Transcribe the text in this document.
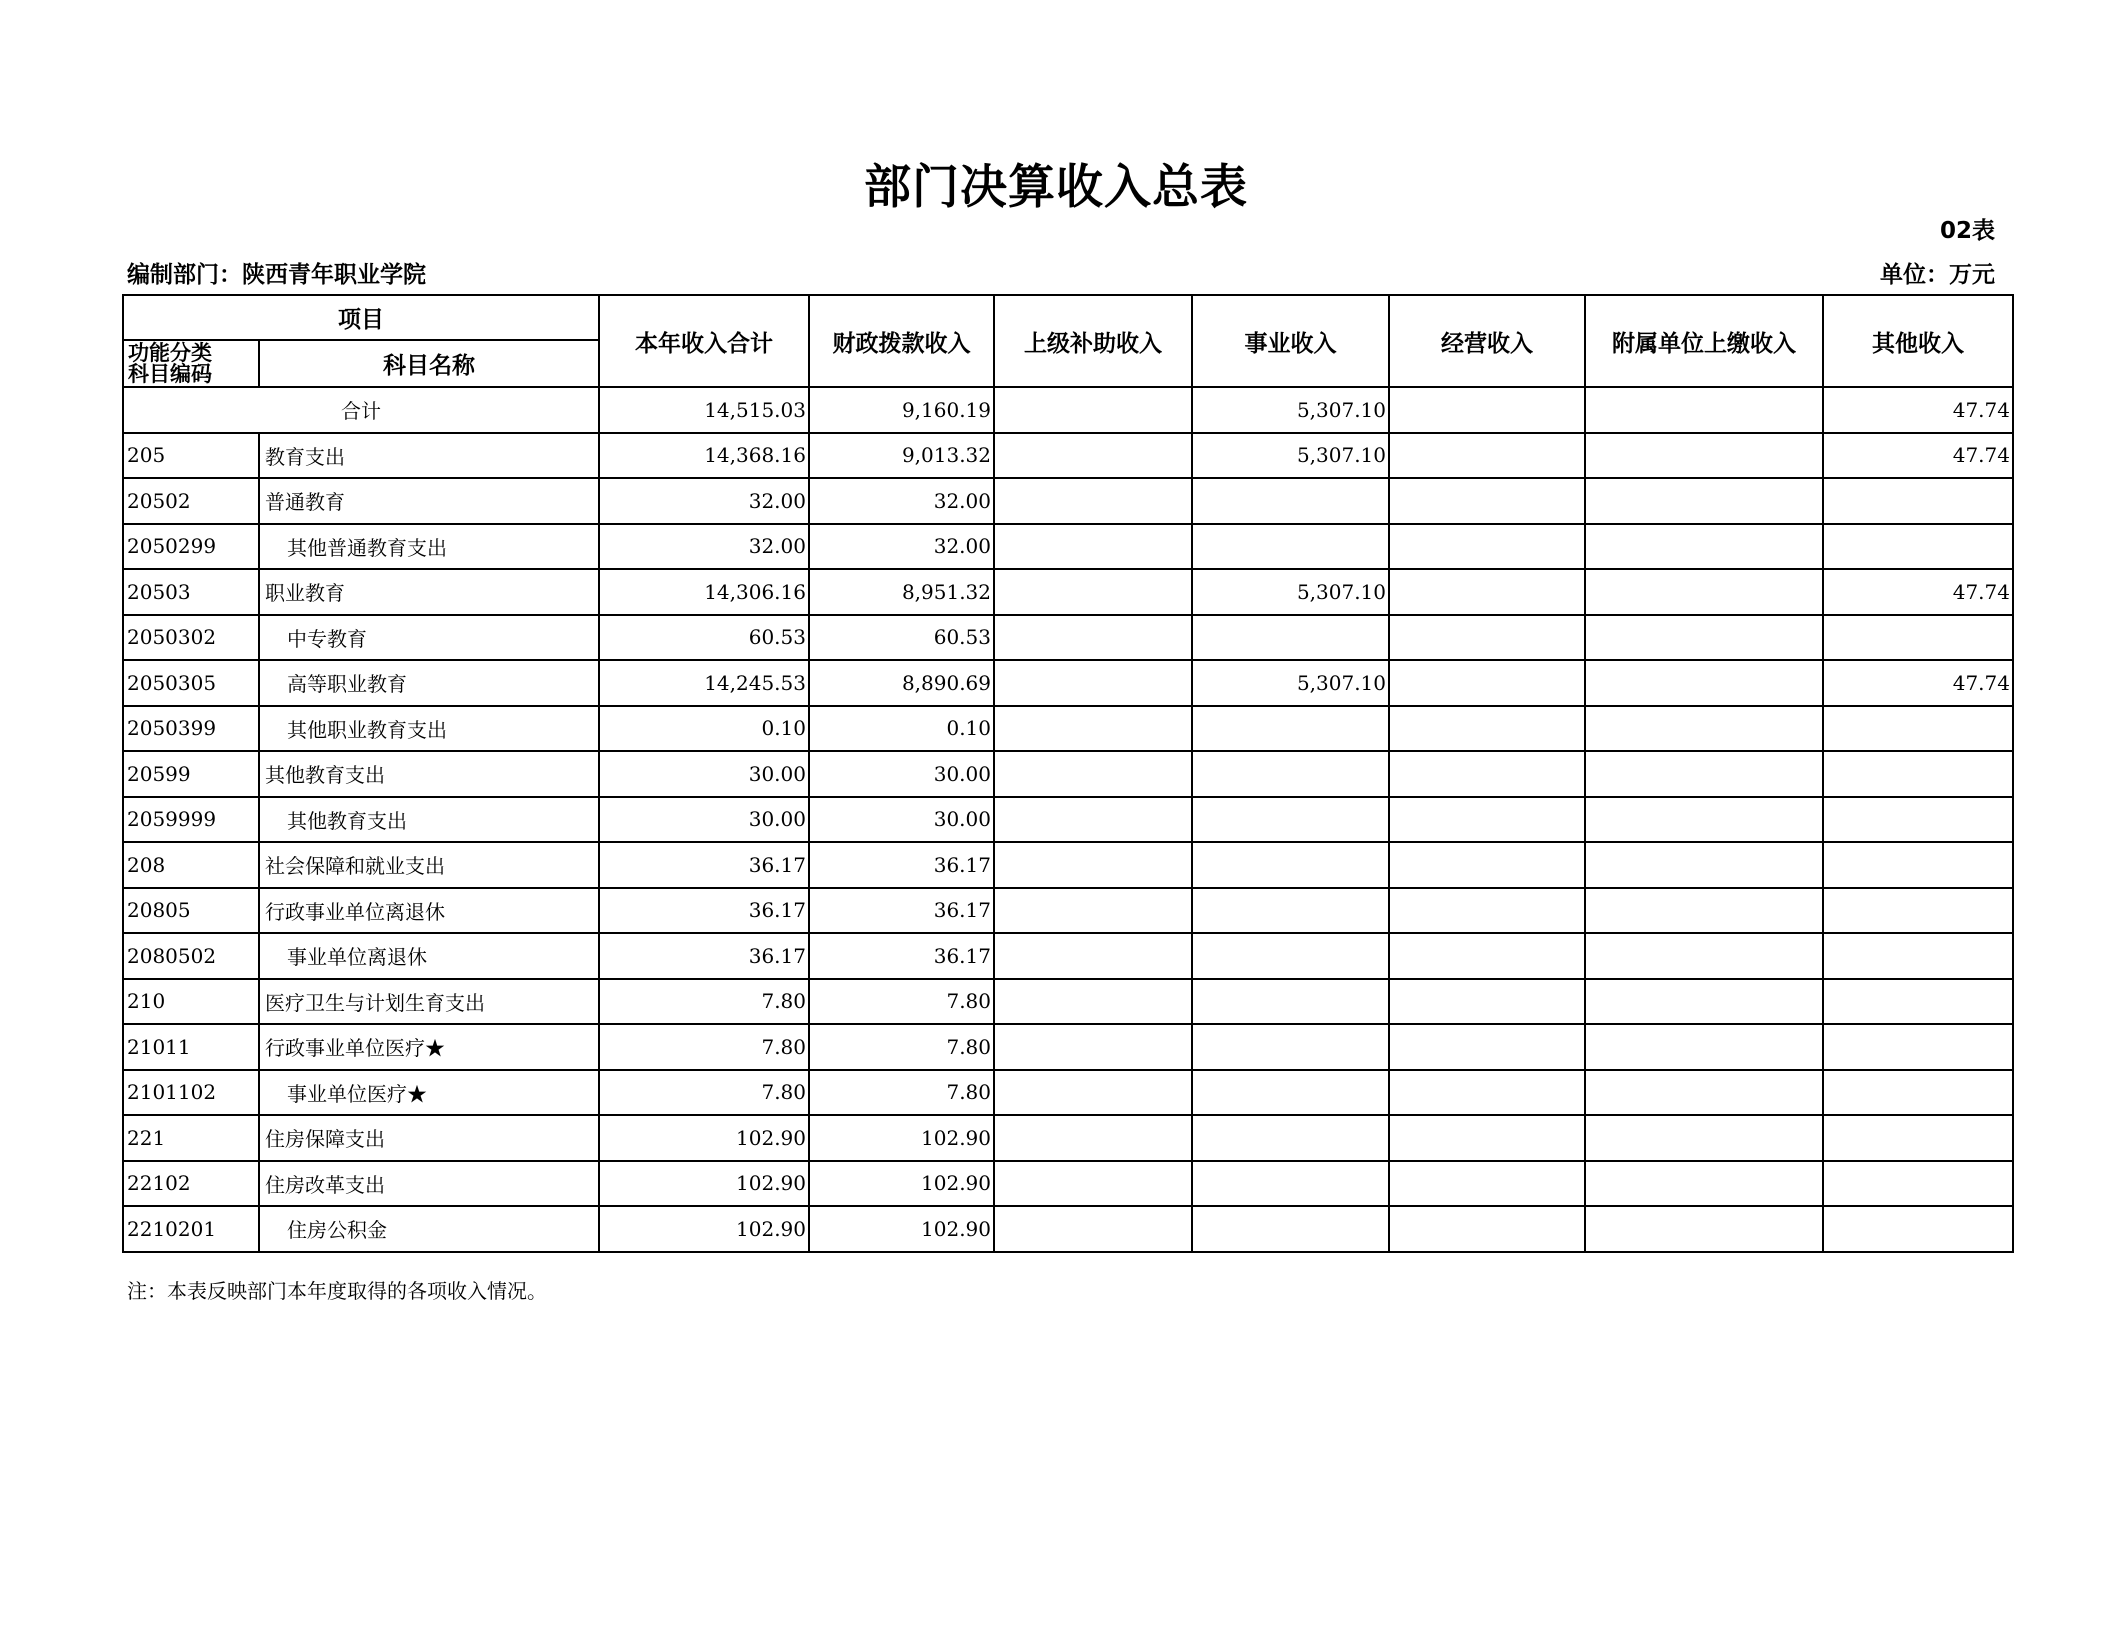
部门决算收入总表
02表
编制部门：陕西青年职业学院	单位：万元
项目		本年收入合计	财政拨款收入	上级补助收入	事业收入	经营收入	附属单位上缴收入	其他收入

功能分类
科目编码	科目名称							
合计		14,515.03	9,160.19		5,307.10			47.74
205	教育支出	14,368.16	9,013.32		5,307.10			47.74
20502	普通教育	32.00	32.00					
2050299	其他普通教育支出	32.00	32.00					
20503	职业教育	14,306.16	8,951.32		5,307.10			47.74
2050302	中专教育	60.53	60.53					
2050305	高等职业教育	14,245.53	8,890.69		5,307.10			47.74
2050399	其他职业教育支出	0.10	0.10					
20599	其他教育支出	30.00	30.00					
2059999	其他教育支出	30.00	30.00					
208	社会保障和就业支出	36.17	36.17					
20805	行政事业单位离退休	36.17	36.17					
2080502	事业单位离退休	36.17	36.17					
210	医疗卫生与计划生育支出	7.80	7.80					
21011	行政事业单位医疗★	7.80	7.80					
2101102	事业单位医疗★	7.80	7.80					
221	住房保障支出	102.90	102.90					
22102	住房改革支出	102.90	102.90					
2210201	住房公积金	102.90	102.90					
注：本表反映部门本年度取得的各项收入情况。
